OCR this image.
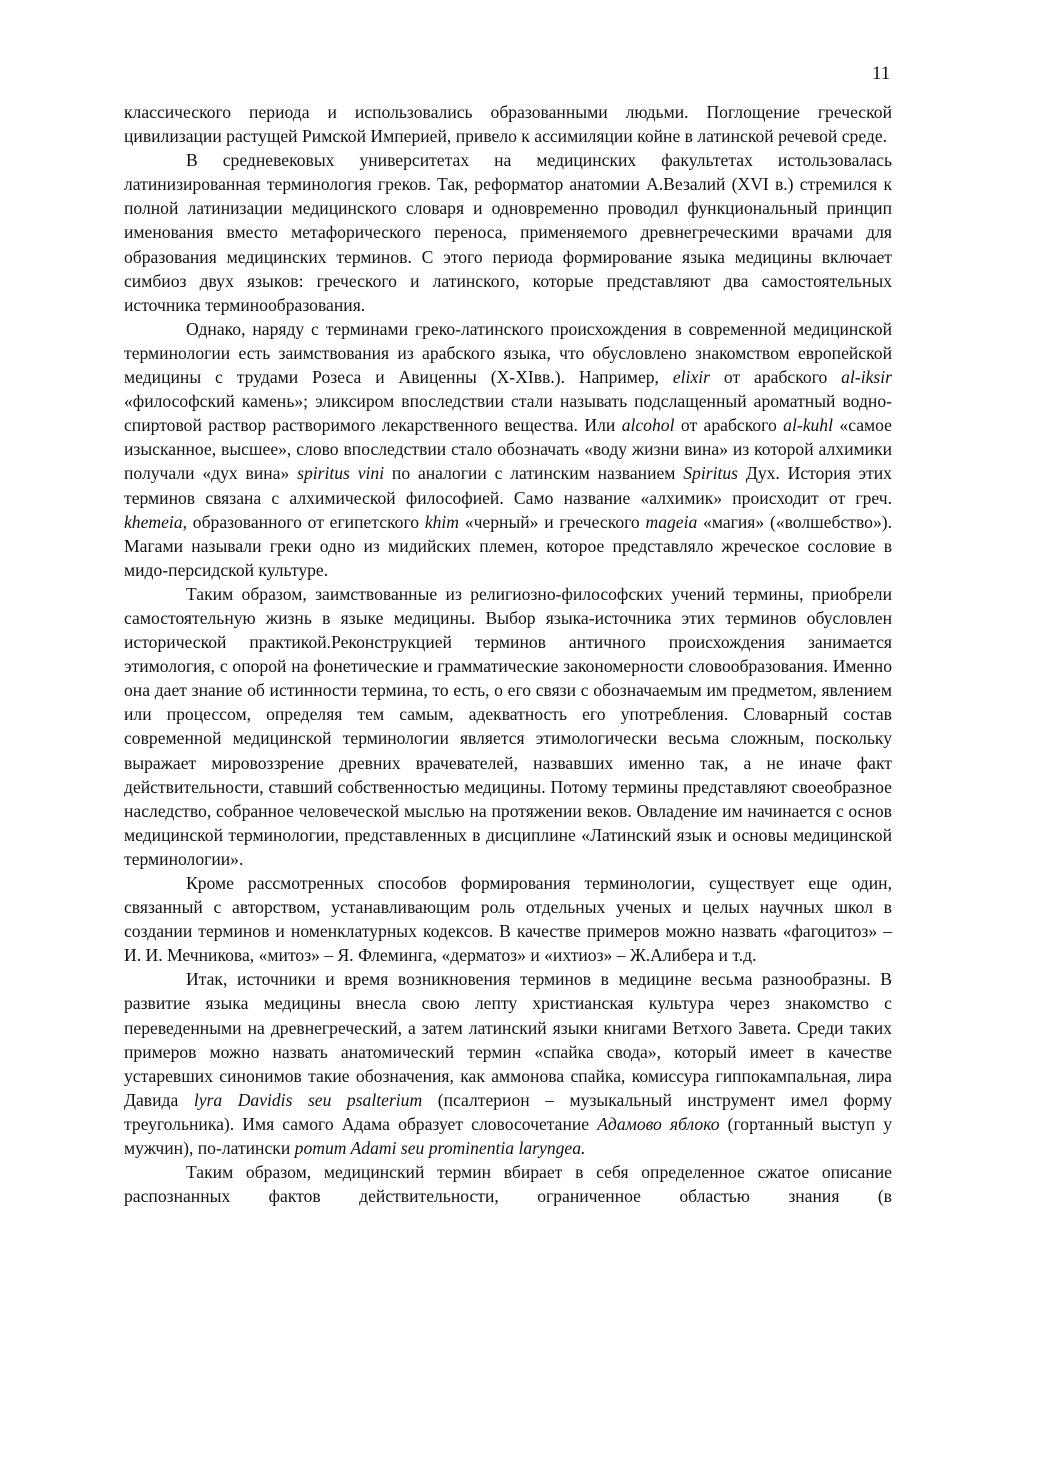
11

классического периода и использовались образованными людьми. Поглощение греческой цивилизации растущей Римской Империей, привело к ассимиляции койне в латинской речевой среде.

В средневековых университетах на медицинских факультетах истользовалась латинизированная терминология греков. Так, реформатор анатомии А.Везалий (XVI в.) стремился к полной латинизации медицинского словаря и одновременно проводил функциональный принцип именования вместо метафорического переноса, применяемого древнегреческими врачами для образования медицинских терминов. С этого периода формирование языка медицины включает симбиоз двух языков: греческого и латинского, которые представляют два самостоятельных источника терминообразования.

Однако, наряду с терминами греко-латинского происхождения в современной медицинской терминологии есть заимствования из арабского языка, что обусловлено знакомством европейской медицины с трудами Розеса и Авиценны (X-XIвв.). Например, elixir от арабского al-iksir «философский камень»; эликсиром впоследствии стали называть подслащенный ароматный водно-спиртовой раствор растворимого лекарственного вещества. Или alcohol от арабского al-kuhl «самое изысканное, высшее», слово впоследствии стало обозначать «воду жизни вина» из которой алхимики получали «дух вина» spiritus vini по аналогии с латинским названием Spiritus Дух. История этих терминов связана с алхимической философией. Cамо название «алхимик» происходит от греч. khemeia, образованного от египетского khim «черный» и греческого mageia «магия» («волшебство»). Магами называли греки одно из мидийских племен, которое представляло жреческое сословие в мидо-персидской культуре.

Таким образом, заимствованные из религиозно-философских учений термины, приобрели самостоятельную жизнь в языке медицины. Выбор языка-источника этих терминов обусловлен исторической практикой.Реконструкцией терминов античного происхождения занимается этимология, с опорой на фонетические и грамматические закономерности словообразования. Именно она дает знание об истинности термина, то есть, о его связи с обозначаемым им предметом, явлением или процессом, определяя тем самым, адекватность его употребления. Словарный состав современной медицинской терминологии является этимологически весьма сложным, поскольку выражает мировоззрение древних врачевателей, назвавших именно так, а не иначе факт действительности, ставший собственностью медицины. Потому термины представляют своеобразное наследство, собранное человеческой мыслью на протяжении веков. Овладение им начинается с основ медицинской терминологии, представленных в дисциплине «Латинский язык и основы медицинской терминологии».

Кроме рассмотренных способов формирования терминологии, существует еще один, связанный с авторством, устанавливающим роль отдельных ученых и целых научных школ в создании терминов и номенклатурных кодексов. В качестве примеров можно назвать «фагоцитоз» – И. И. Мечникова, «митоз» – Я. Флеминга, «дерматоз» и «ихтиоз» – Ж.Алибера и т.д.

Итак, источники и время возникновения терминов в медицине весьма разнообразны. В развитие языка медицины внесла свою лепту христианская культура через знакомство с переведенными на древнегреческий, а затем латинский языки книгами Ветхого Завета. Среди таких примеров можно назвать анатомический термин «спайка свода», который имеет в качестве устаревших синонимов такие обозначения, как аммонова спайка, комиссура гиппокампальная, лира Давида lyra Davidis seu psalterium (псалтерион – музыкальный инструмент имел форму треугольника). Имя самого Адама образует словосочетание Адамово яблоко (гортанный выступ у мужчин), по-латински pomum Adami seu prominentia laryngea.

Таким образом, медицинский термин вбирает в себя определенное сжатое описание распознанных фактов действительности, ограниченное областью знания (в
